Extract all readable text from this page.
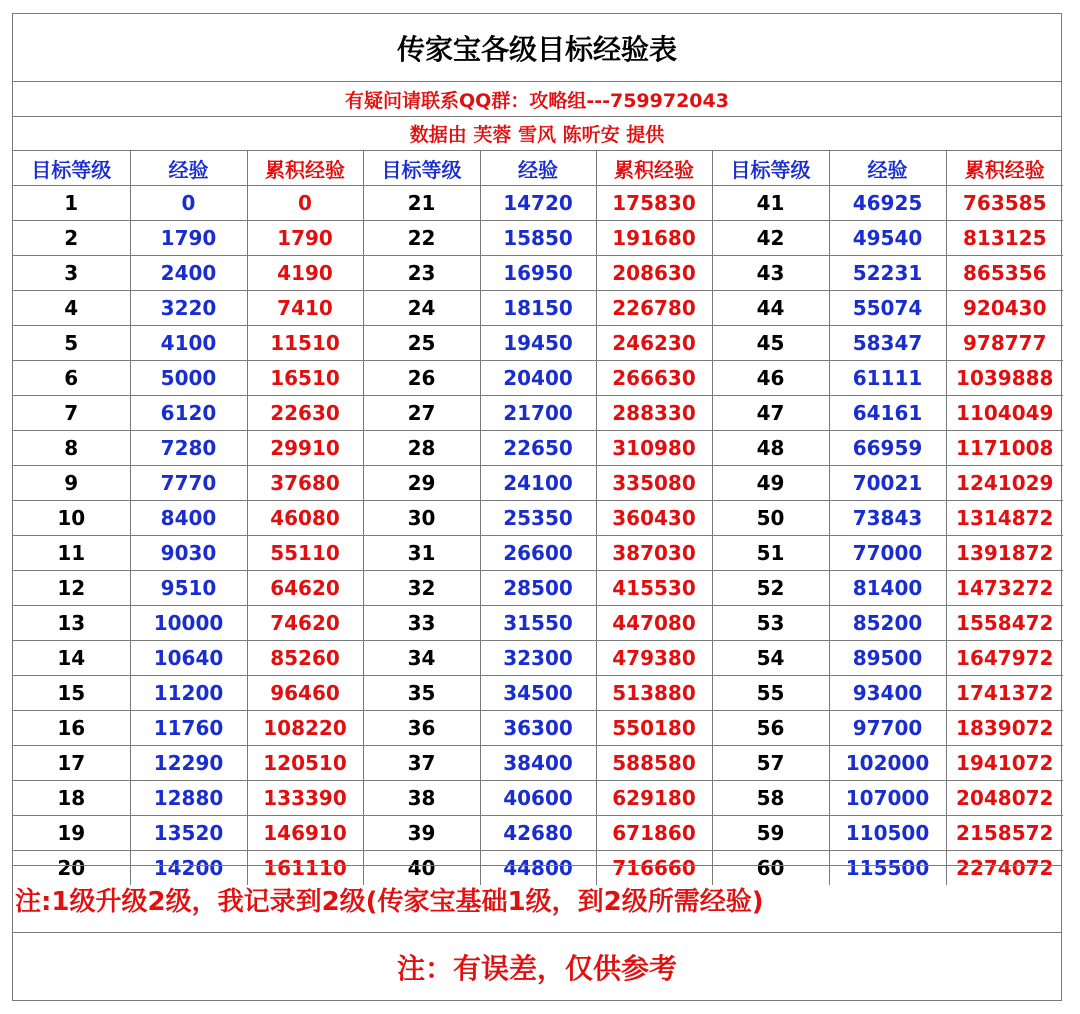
传家宝各级目标经验表
有疑问请联系QQ群：攻略组---759972043
数据由 芙蓉 雪风 陈听安 提供
目标等级	经验	累积经验	目标等级	经验	累积经验	目标等级	经验	累积经验
1	0	0	21	14720	175830	41	46925	763585
2	1790	1790	22	15850	191680	42	49540	813125
3	2400	4190	23	16950	208630	43	52231	865356
4	3220	7410	24	18150	226780	44	55074	920430
5	4100	11510	25	19450	246230	45	58347	978777
6	5000	16510	26	20400	266630	46	61111	1039888
7	6120	22630	27	21700	288330	47	64161	1104049
8	7280	29910	28	22650	310980	48	66959	1171008
9	7770	37680	29	24100	335080	49	70021	1241029
10	8400	46080	30	25350	360430	50	73843	1314872
11	9030	55110	31	26600	387030	51	77000	1391872
12	9510	64620	32	28500	415530	52	81400	1473272
13	10000	74620	33	31550	447080	53	85200	1558472
14	10640	85260	34	32300	479380	54	89500	1647972
15	11200	96460	35	34500	513880	55	93400	1741372
16	11760	108220	36	36300	550180	56	97700	1839072
17	12290	120510	37	38400	588580	57	102000	1941072
18	12880	133390	38	40600	629180	58	107000	2048072
19	13520	146910	39	42680	671860	59	110500	2158572
20	14200	161110	40	44800	716660	60	115500	2274072
注:1级升级2级，我记录到2级(传家宝基础1级，到2级所需经验)
注：有误差，仅供参考
